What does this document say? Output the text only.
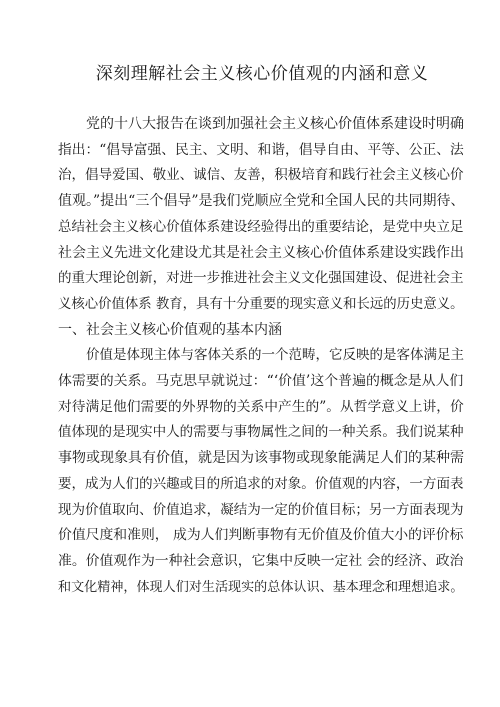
深刻理解社会主义核心价值观的内涵和意义

党的十八大报告在谈到加强社会主义核心价值体系建设时明确
指出：“倡导富强、民主、文明、和谐，倡导自由、平等、公正、法
治，倡导爱国、敬业、诚信、友善，积极培育和践行社会主义核心价
值观。”提出“三个倡导”是我们党顺应全党和全国人民的共同期待、
总结社会主义核心价值体系建设经验得出的重要结论，是党中央立足
社会主义先进文化建设尤其是社会主义核心价值体系建设实践作出
的重大理论创新，对进一步推进社会主义文化强国建设、促进社会主
义核心价值体系 教育，具有十分重要的现实意义和长远的历史意义。

一、社会主义核心价值观的基本内涵

价值是体现主体与客体关系的一个范畴，它反映的是客体满足主
体需要的关系。马克思早就说过：“‘价值’这个普遍的概念是从人们
对待满足他们需要的外界物的关系中产生的”。从哲学意义上讲，价
值体现的是现实中人的需要与事物属性之间的一种关系。我们说某种
事物或现象具有价值，就是因为该事物或现象能满足人们的某种需
要，成为人们的兴趣或目的所追求的对象。价值观的内容，一方面表
现为价值取向、价值追求，凝结为一定的价值目标；另一方面表现为
价值尺度和准则， 成为人们判断事物有无价值及价值大小的评价标
准。价值观作为一种社会意识，它集中反映一定社 会的经济、政治
和文化精神，体现人们对生活现实的总体认识、基本理念和理想追求。
